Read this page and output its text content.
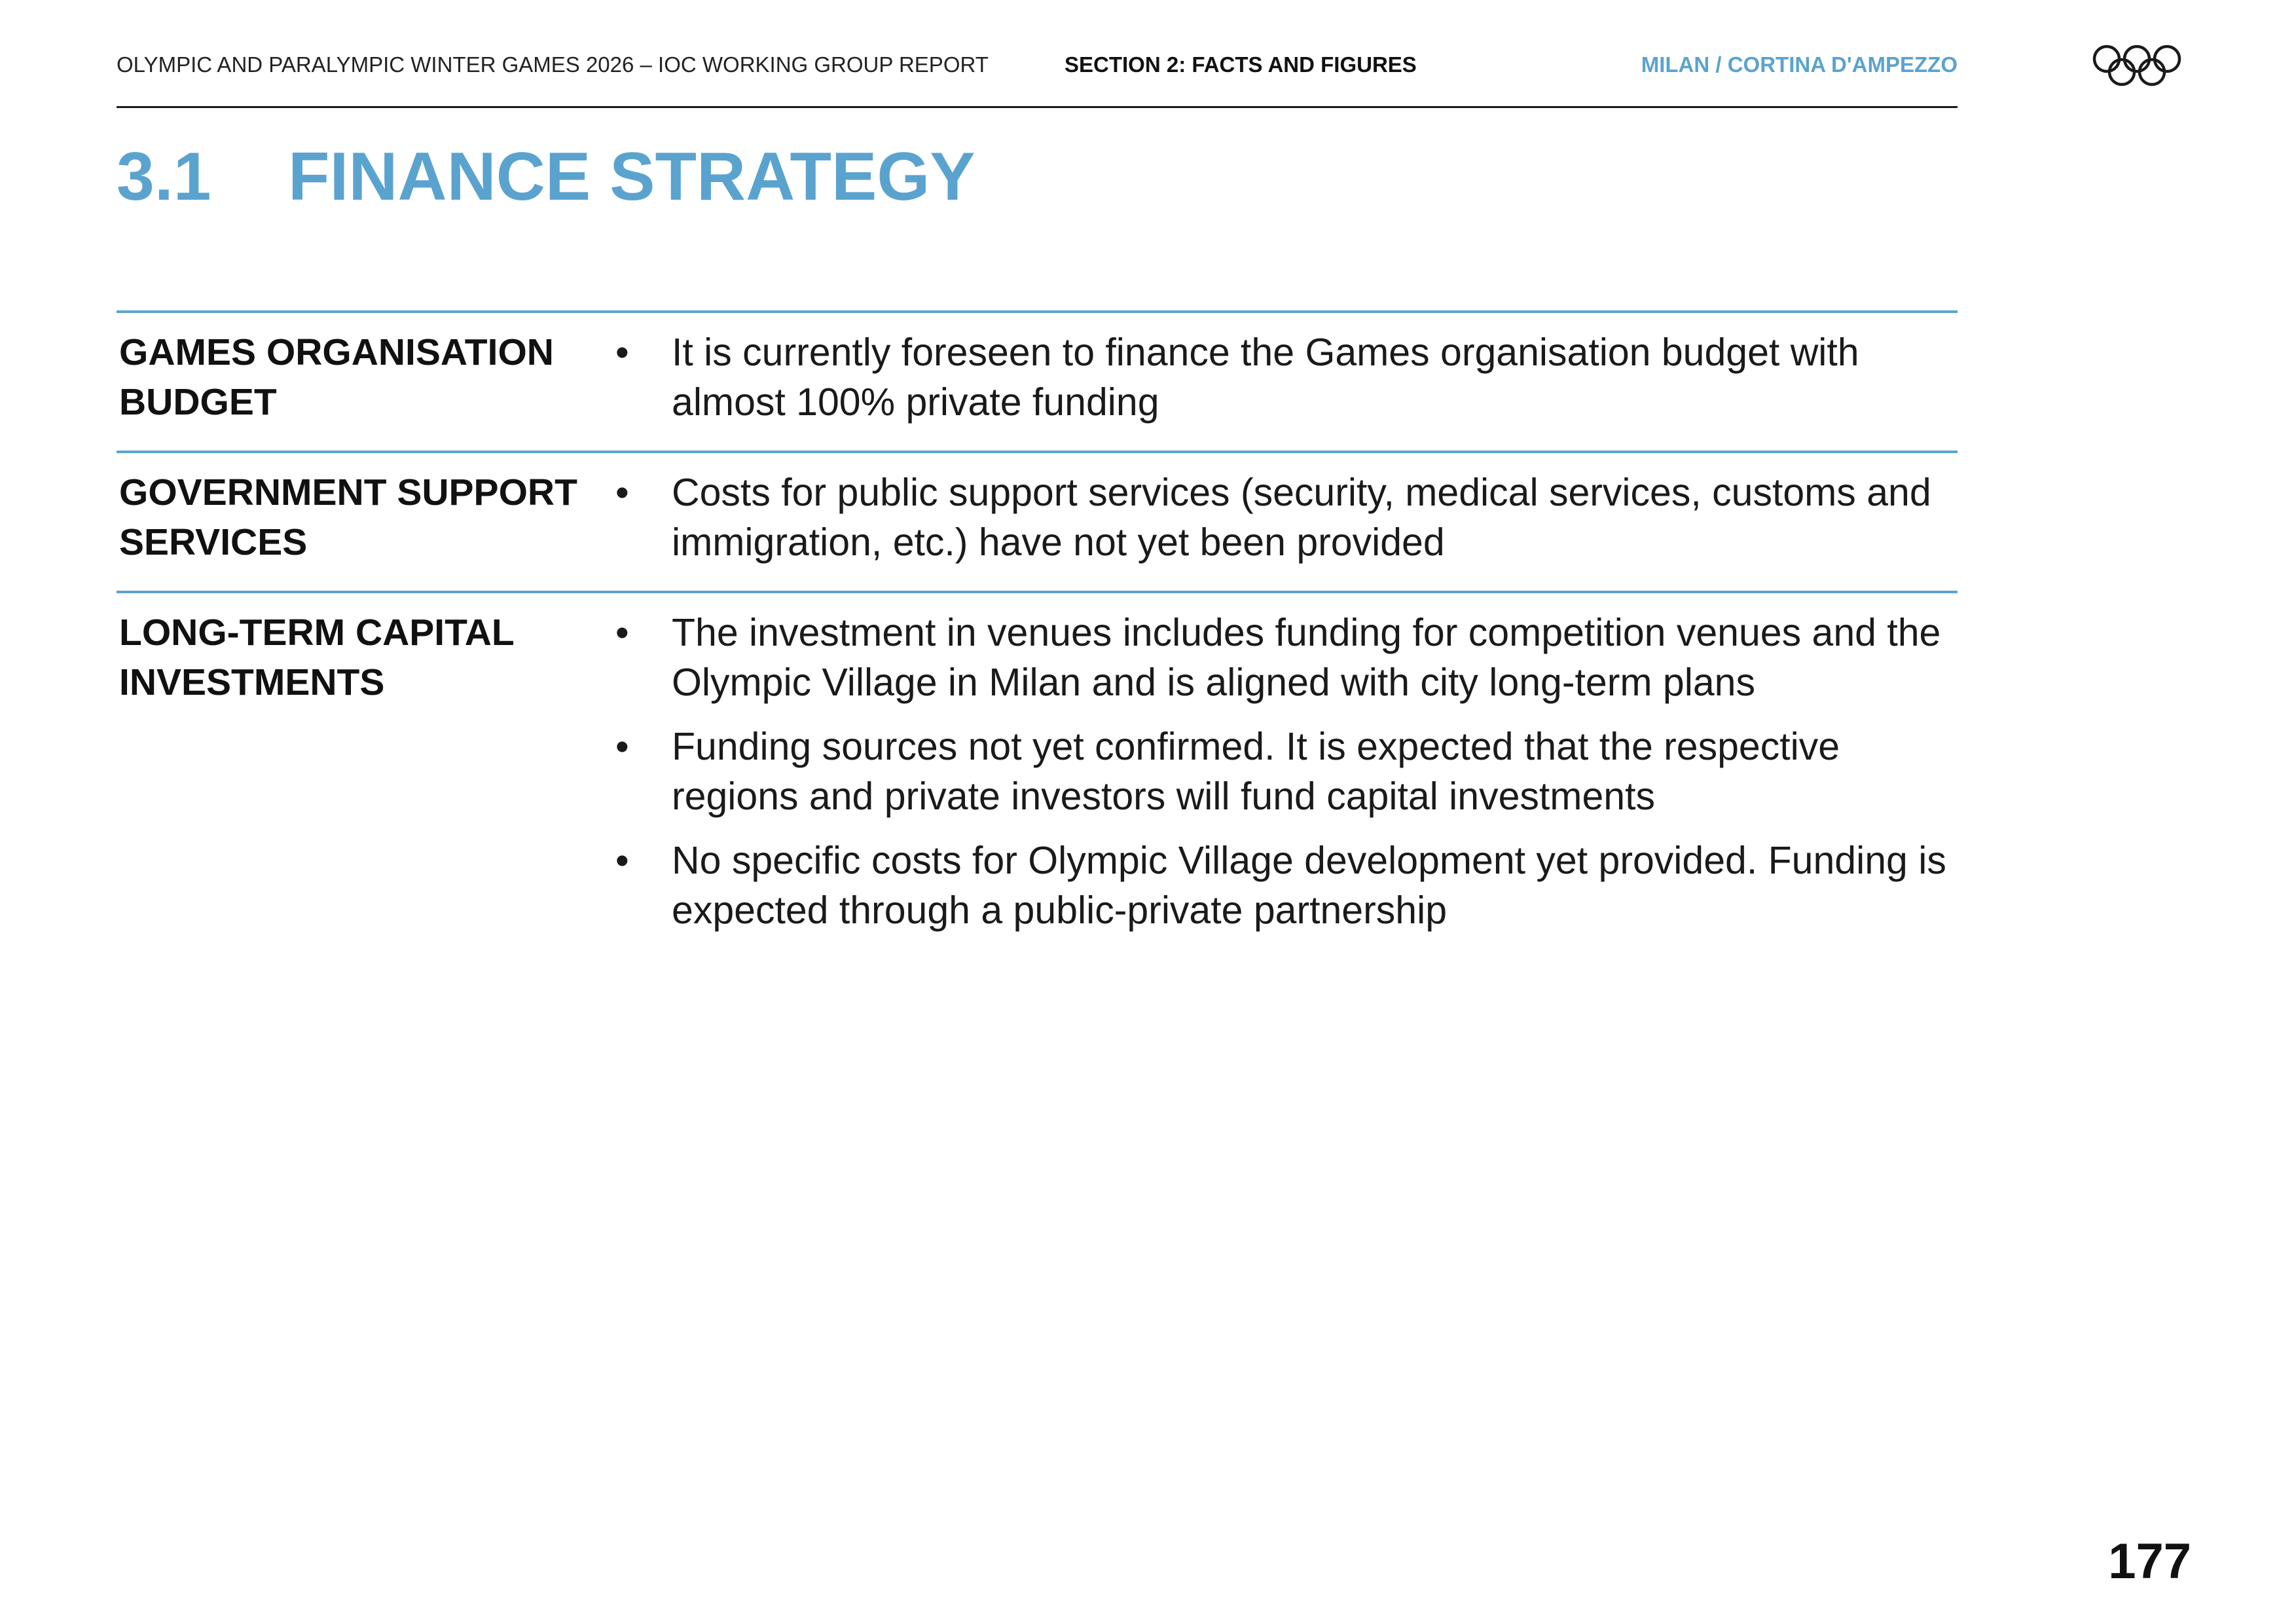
OLYMPIC AND PARALYMPIC WINTER GAMES 2026 – IOC WORKING GROUP REPORT	SECTION 2: FACTS AND FIGURES	MILAN / CORTINA D'AMPEZZO
3.1 FINANCE STRATEGY
GAMES ORGANISATION
BUDGET
•	It is currently foreseen to finance the Games organisation budget with almost 100% private funding
GOVERNMENT SUPPORT
SERVICES
•	Costs for public support services (security, medical services, customs and immigration, etc.) have not yet been provided
LONG-TERM CAPITAL
INVESTMENTS
•	The investment in venues includes funding for competition venues and the Olympic Village in Milan and is aligned with city long-term plans
•	Funding sources not yet confirmed. It is expected that the respective regions and private investors will fund capital investments
•	No specific costs for Olympic Village development yet provided. Funding is expected through a public-private partnership
177
